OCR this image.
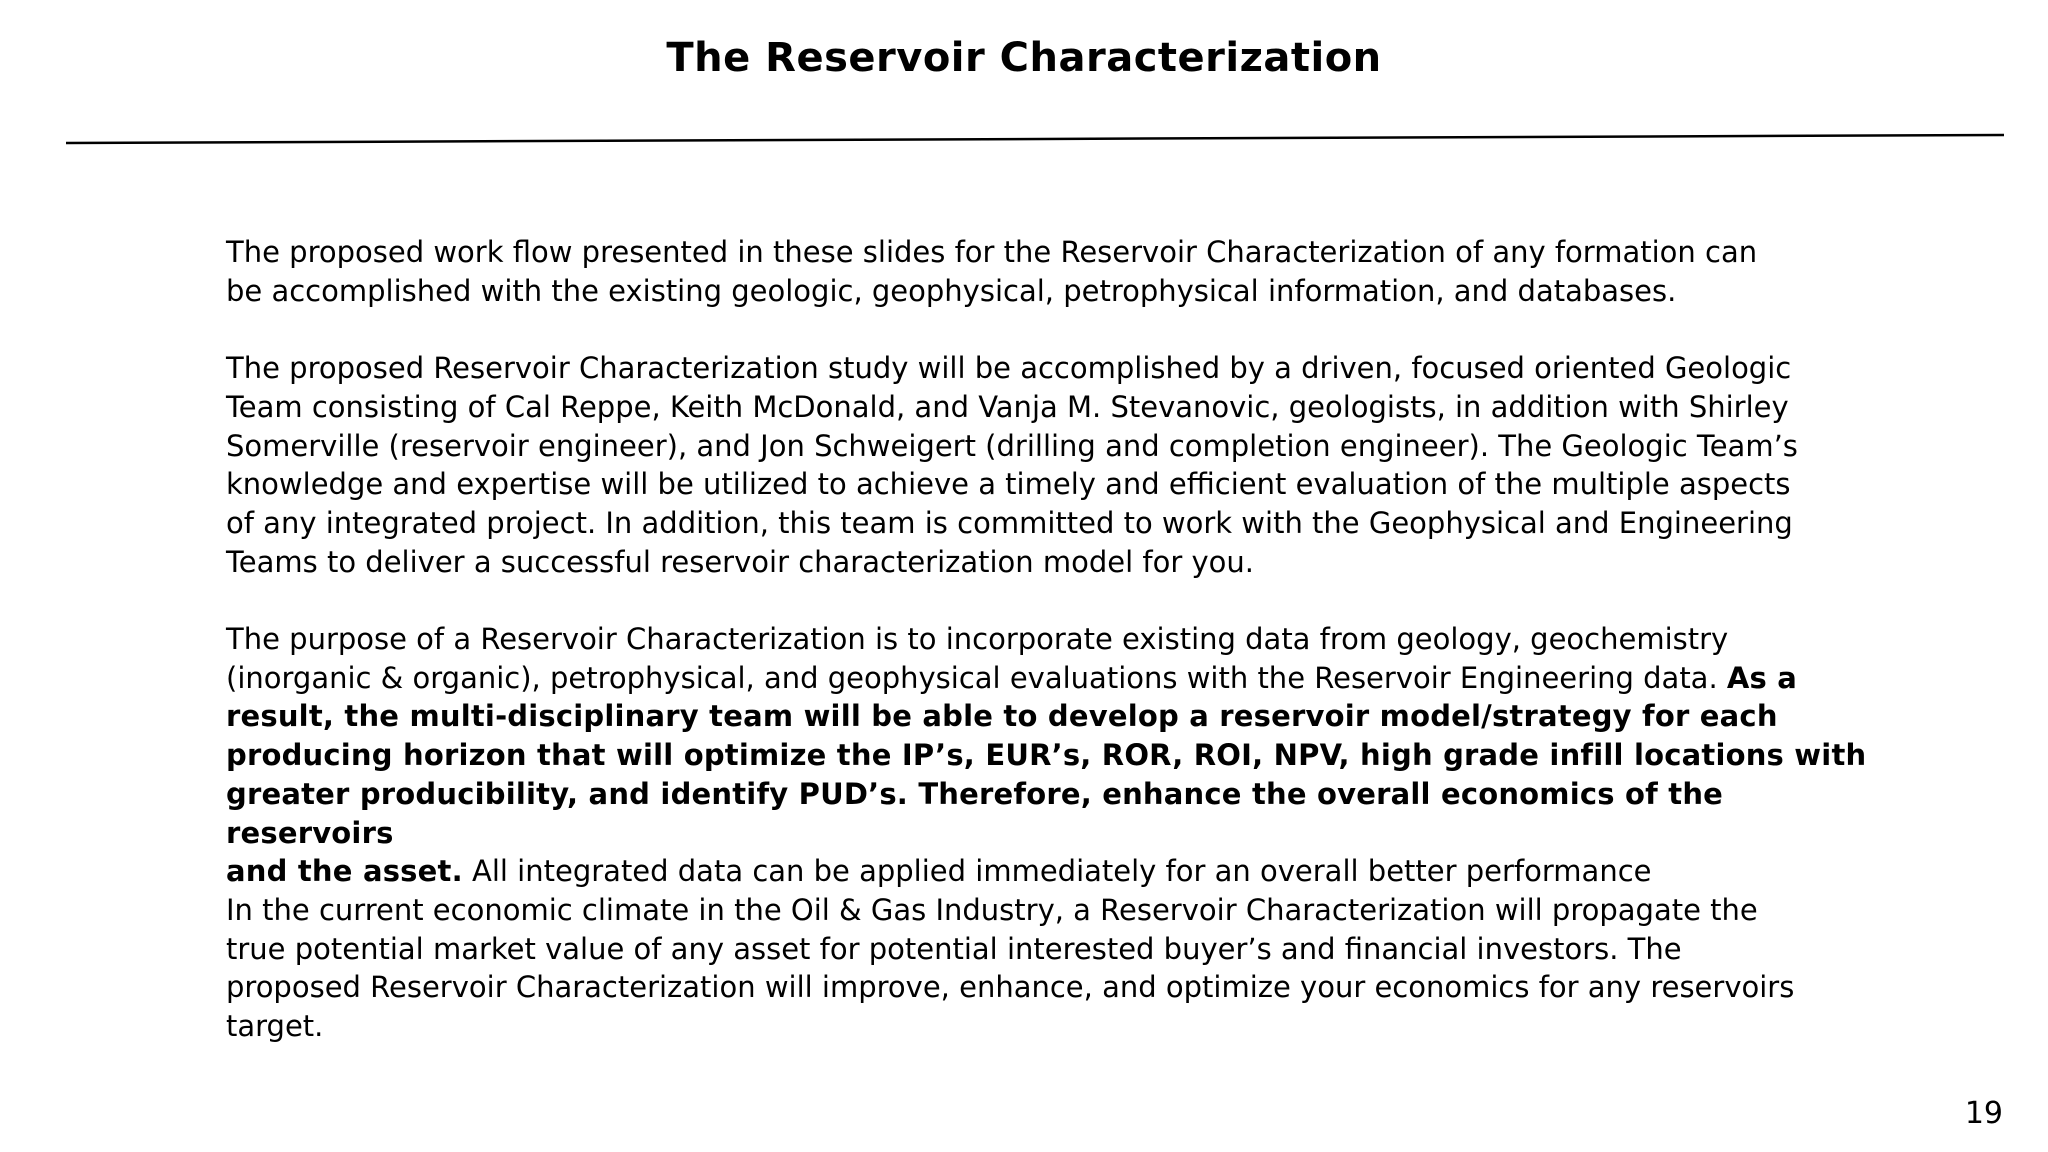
The Reservoir Characterization

The proposed work flow presented in these slides for the Reservoir Characterization of any formation can
be accomplished with the existing geologic, geophysical, petrophysical information, and databases.

The proposed Reservoir Characterization study will be accomplished by a driven, focused oriented Geologic
Team consisting of Cal Reppe, Keith McDonald, and Vanja M. Stevanovic, geologists, in addition with Shirley
Somerville (reservoir engineer), and Jon Schweigert (drilling and completion engineer). The Geologic Team’s
knowledge and expertise will be utilized to achieve a timely and efficient evaluation of the multiple aspects
of any integrated project. In addition, this team is committed to work with the Geophysical and Engineering
Teams to deliver a successful reservoir characterization model for you.

The purpose of a Reservoir Characterization is to incorporate existing data from geology, geochemistry
(inorganic & organic), petrophysical, and geophysical evaluations with the Reservoir Engineering data. As a
result, the multi-disciplinary team will be able to develop a reservoir model/strategy for each
producing horizon that will optimize the IP’s, EUR’s, ROR, ROI, NPV, high grade infill locations with
greater producibility, and identify PUD’s. Therefore, enhance the overall economics of the reservoirs
and the asset. All integrated data can be applied immediately for an overall better performance

In the current economic climate in the Oil & Gas Industry, a Reservoir Characterization will propagate the
true potential market value of any asset for potential interested buyer’s and financial investors. The
proposed Reservoir Characterization will improve, enhance, and optimize your economics for any reservoirs
target.

19
